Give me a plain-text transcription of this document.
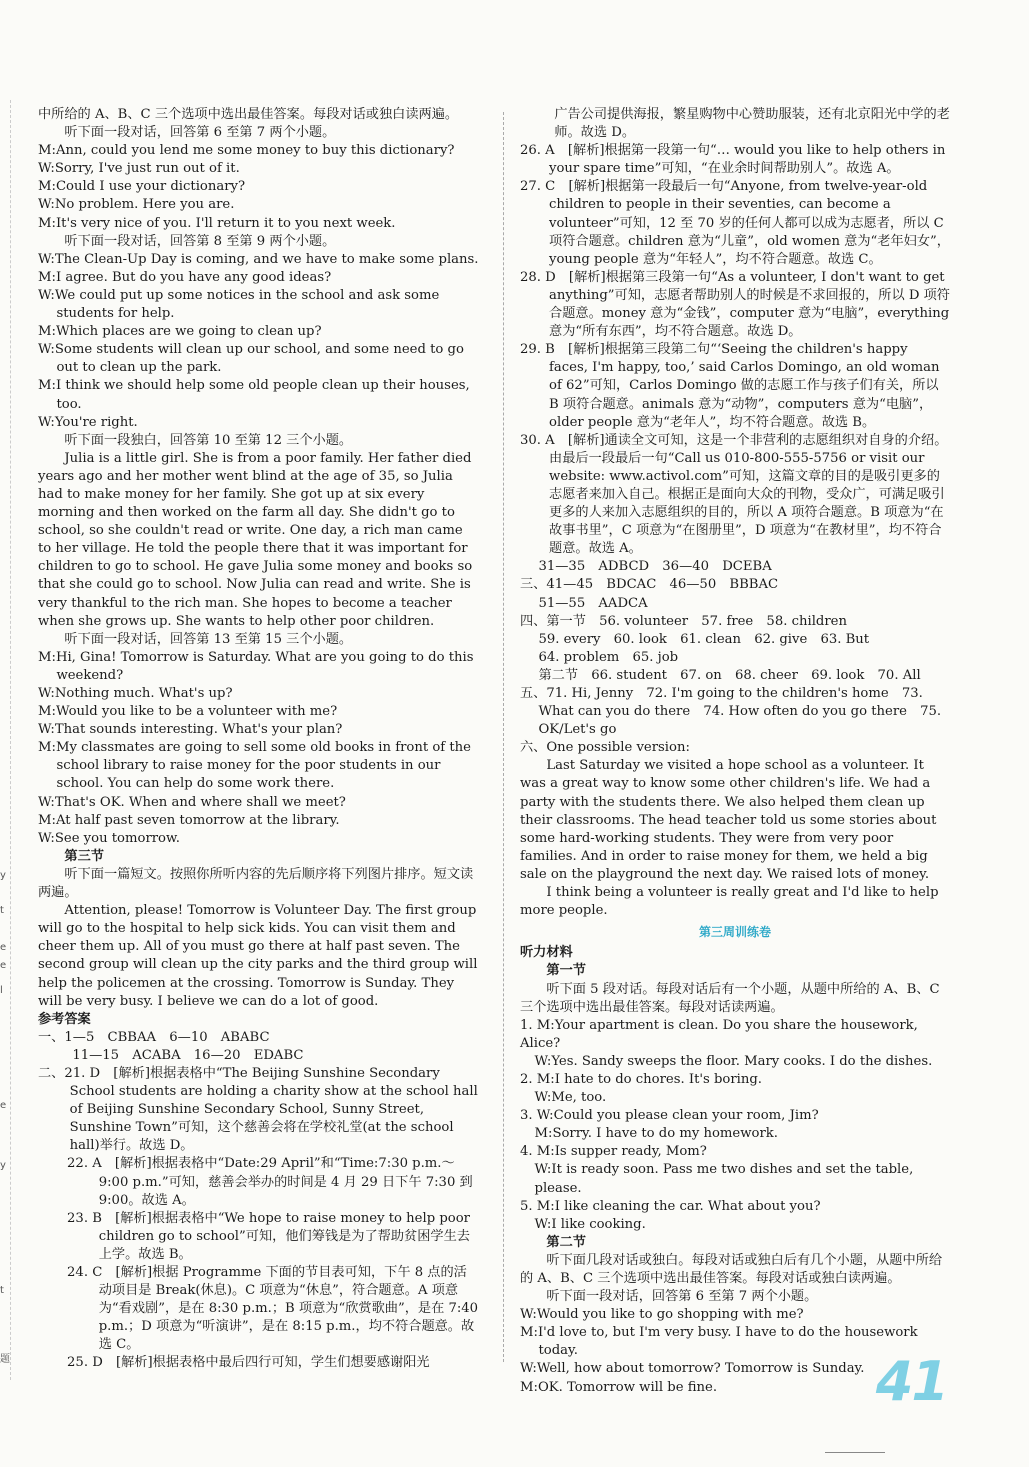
中所给的 A、B、C 三个选项中选出最佳答案。每段对话或独白读两遍。

听下面一段对话，回答第 6 至第 7 两个小题。

M:Ann, could you lend me some money to buy this dictionary?

W:Sorry, I've just run out of it.

M:Could I use your dictionary?

W:No problem. Here you are.

M:It's very nice of you. I'll return it to you next week.

听下面一段对话，回答第 8 至第 9 两个小题。

W:The Clean-Up Day is coming, and we have to make some plans.

M:I agree. But do you have any good ideas?

W:We could put up some notices in the school and ask some students for help.

M:Which places are we going to clean up?

W:Some students will clean up our school, and some need to go out to clean up the park.

M:I think we should help some old people clean up their houses, too.

W:You're right.

听下面一段独白，回答第 10 至第 12 三个小题。

Julia is a little girl. She is from a poor family. Her father died years ago and her mother went blind at the age of 35, so Julia had to make money for her family. She got up at six every morning and then worked on the farm all day. She didn't go to school, so she couldn't read or write. One day, a rich man came to her village. He told the people there that it was important for children to go to school. He gave Julia some money and books so that she could go to school. Now Julia can read and write. She is very thankful to the rich man. She hopes to become a teacher when she grows up. She wants to help other poor children.

听下面一段对话，回答第 13 至第 15 三个小题。

M:Hi, Gina! Tomorrow is Saturday. What are you going to do this weekend?

W:Nothing much. What's up?

M:Would you like to be a volunteer with me?

W:That sounds interesting. What's your plan?

M:My classmates are going to sell some old books in front of the school library to raise money for the poor students in our school. You can help do some work there.

W:That's OK. When and where shall we meet?

M:At half past seven tomorrow at the library.

W:See you tomorrow.

第三节

听下面一篇短文。按照你所听内容的先后顺序将下列图片排序。短文读两遍。

Attention, please! Tomorrow is Volunteer Day. The first group will go to the hospital to help sick kids. You can visit them and cheer them up. All of you must go there at half past seven. The second group will clean up the city parks and the third group will help the policemen at the crossing. Tomorrow is Sunday. They will be very busy. I believe we can do a lot of good.

参考答案

一、1—5　CBBAA　6—10　ABABC

11—15　ACABA　16—20　EDABC

二、21. D　[解析]根据表格中“The Beijing Sunshine Secondary School students are holding a charity show at the school hall of Beijing Sunshine Secondary School, Sunny Street, Sunshine Town”可知，这个慈善会将在学校礼堂(at the school hall)举行。故选 D。

22. A　[解析]根据表格中“Date:29 April”和“Time:7:30 p.m.～9:00 p.m.”可知，慈善会举办的时间是 4 月 29 日下午 7:30 到 9:00。故选 A。

23. B　[解析]根据表格中“We hope to raise money to help poor children go to school”可知，他们筹钱是为了帮助贫困学生去上学。故选 B。

24. C　[解析]根据 Programme 下面的节目表可知，下午 8 点的活动项目是 Break(休息)。C 项意为“休息”，符合题意。A 项意为“看戏剧”，是在 8:30 p.m.；B 项意为“欣赏歌曲”，是在 7:40 p.m.；D 项意为“听演讲”，是在 8:15 p.m.，均不符合题意。故选 C。

25. D　[解析]根据表格中最后四行可知，学生们想要感谢阳光

广告公司提供海报，繁星购物中心赞助服装，还有北京阳光中学的老师。故选 D。

26. A　[解析]根据第一段第一句“… would you like to help others in your spare time”可知，“在业余时间帮助别人”。故选 A。

27. C　[解析]根据第一段最后一句“Anyone, from twelve-year-old children to people in their seventies, can become a volunteer”可知，12 至 70 岁的任何人都可以成为志愿者，所以 C 项符合题意。children 意为“儿童”，old women 意为“老年妇女”，young people 意为“年轻人”，均不符合题意。故选 C。

28. D　[解析]根据第三段第一句“As a volunteer, I don't want to get anything”可知，志愿者帮助别人的时候是不求回报的，所以 D 项符合题意。money 意为“金钱”，computer 意为“电脑”，everything 意为“所有东西”，均不符合题意。故选 D。

29. B　[解析]根据第三段第二句“‘Seeing the children's happy faces, I'm happy, too,’ said Carlos Domingo, an old woman of 62”可知，Carlos Domingo 做的志愿工作与孩子们有关，所以 B 项符合题意。animals 意为“动物”，computers 意为“电脑”，older people 意为“老年人”，均不符合题意。故选 B。

30. A　[解析]通读全文可知，这是一个非营利的志愿组织对自身的介绍。由最后一段最后一句“Call us 010-800-555-5756 or visit our website: www.activol.com”可知，这篇文章的目的是吸引更多的志愿者来加入自己。根据正是面向大众的刊物，受众广，可满足吸引更多的人来加入志愿组织的目的，所以 A 项符合题意。B 项意为“在故事书里”，C 项意为“在图册里”，D 项意为“在教材里”，均不符合题意。故选 A。

31—35　ADBCD　36—40　DCEBA

三、41—45　BDCAC　46—50　BBBAC

51—55　AADCA

四、第一节　56. volunteer　57. free　58. children

59. every　60. look　61. clean　62. give　63. But

64. problem　65. job

第二节　66. student　67. on　68. cheer　69. look　70. All

五、71. Hi, Jenny　72. I'm going to the children's home　73. What can you do there　74. How often do you go there　75. OK/Let's go

六、One possible version:

Last Saturday we visited a hope school as a volunteer. It was a great way to know some other children's life. We had a party with the students there. We also helped them clean up their classrooms. The head teacher told us some stories about some hard-working students. They were from very poor families. And in order to raise money for them, we held a big sale on the playground the next day. We raised lots of money.

I think being a volunteer is really great and I'd like to help more people.

第三周训练卷

听力材料

第一节

听下面 5 段对话。每段对话后有一个小题，从题中所给的 A、B、C 三个选项中选出最佳答案。每段对话读两遍。

1. M:Your apartment is clean. Do you share the housework, Alice?

W:Yes. Sandy sweeps the floor. Mary cooks. I do the dishes.

2. M:I hate to do chores. It's boring.

W:Me, too.

3. W:Could you please clean your room, Jim?

M:Sorry. I have to do my homework.

4. M:Is supper ready, Mom?

W:It is ready soon. Pass me two dishes and set the table, please.

5. M:I like cleaning the car. What about you?

W:I like cooking.

第二节

听下面几段对话或独白。每段对话或独白后有几个小题，从题中所给的 A、B、C 三个选项中选出最佳答案。每段对话或独白读两遍。

听下面一段对话，回答第 6 至第 7 两个小题。

W:Would you like to go shopping with me?

M:I'd love to, but I'm very busy. I have to do the housework today.

W:Well, how about tomorrow? Tomorrow is Sunday.

M:OK. Tomorrow will be fine.	41
y
t
e
e
l
e
y
t
题
